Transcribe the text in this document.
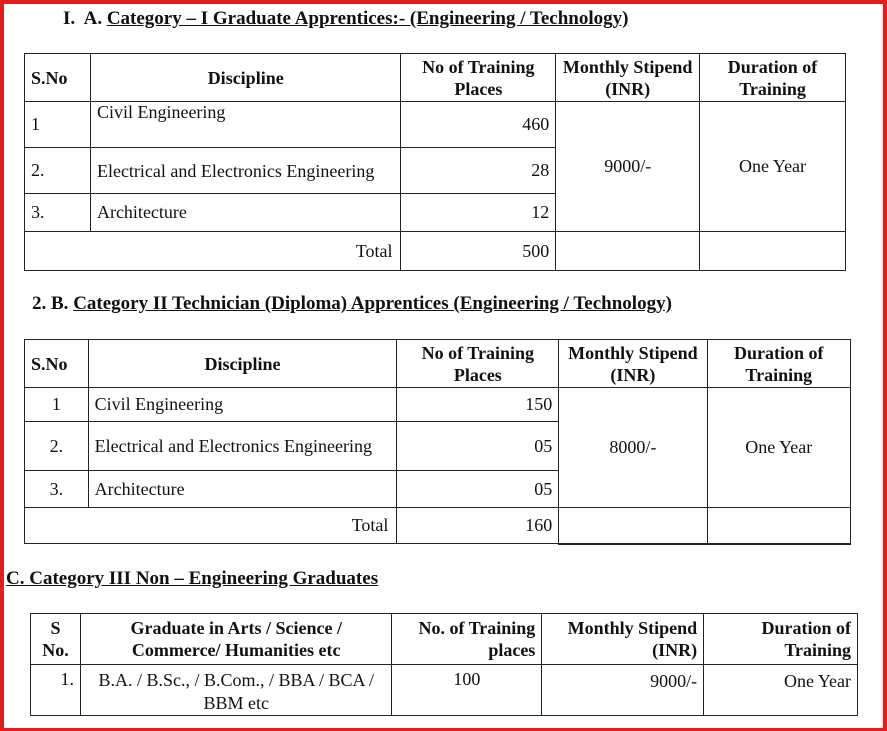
I.  A. Category – I Graduate Apprentices:- (Engineering / Technology)
S.No	Discipline	No of Training Places	Monthly Stipend (INR)	Duration of Training
1	Civil Engineering	460	9000/-	One Year
2.	Electrical and Electronics Engineering	28		
3.	Architecture	12		
Total		500		
2. B. Category II Technician (Diploma) Apprentices (Engineering / Technology)
S.No	Discipline	No of Training Places	Monthly Stipend (INR)	Duration of Training
1	Civil Engineering	150	8000/-	One Year
2.	Electrical and Electronics Engineering	05		
3.	Architecture	05		
Total		160		
C. Category III Non – Engineering Graduates
S No.	Graduate in Arts / Science / Commerce/ Humanities etc	No. of Training places	Monthly Stipend (INR)	Duration of Training
1.	B.A. / B.Sc., / B.Com., / BBA / BCA / BBM etc	100	9000/-	One Year
